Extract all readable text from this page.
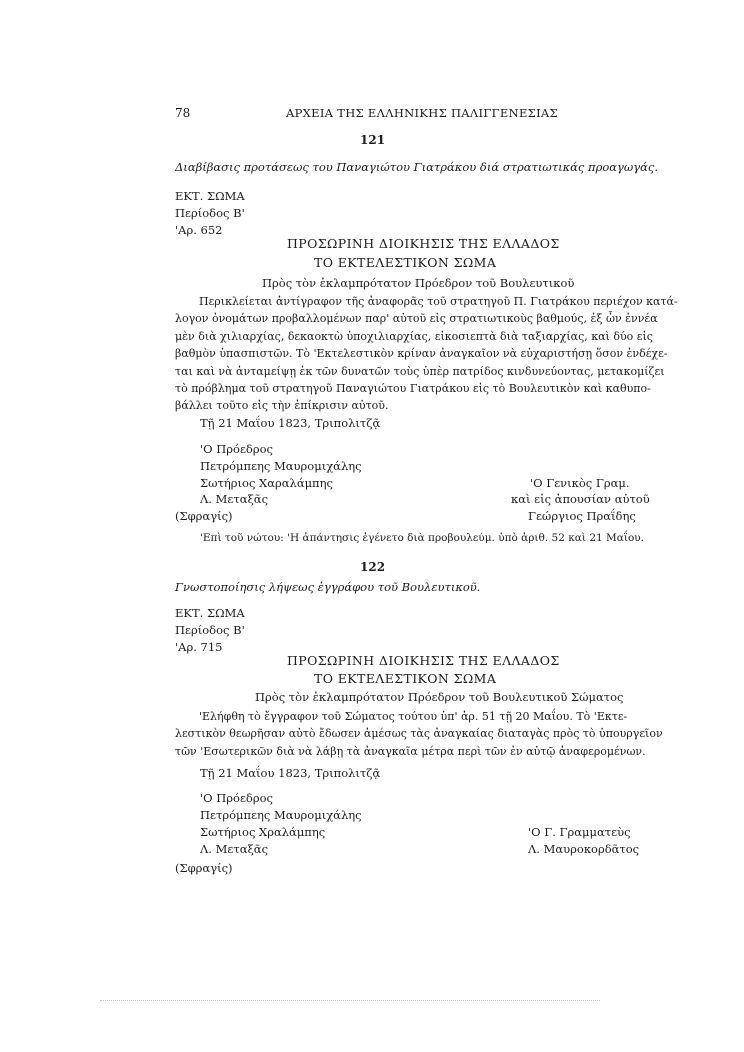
78	ΑΡΧΕΙΑ ΤΗΣ ΕΛΛΗΝΙΚΗΣ ΠΑΛΙΓΓΕΝΕΣΙΑΣ
121
Διαβίβασις προτάσεως του Παναγιώτου Γιατράκου διά στρατιωτικάς προαγωγάς.
ΕΚΤ. ΣΩΜΑ
Περίοδος Β'
'Αρ. 652
ΠΡΟΣΩΡΙΝΗ ΔΙΟΙΚΗΣΙΣ ΤΗΣ ΕΛΛΑΔΟΣ
ΤΟ ΕΚΤΕΛΕΣΤΙΚΟΝ ΣΩΜΑ
Πρὸς τὸν ἐκλαμπρότατον Πρόεδρον τοῦ Βουλευτικοῦ
Περικλείεται ἀντίγραφον τῆς ἀναφορᾶς τοῦ στρατηγοῦ Π. Γιατράκου περιέχον κατά-
λογον ὀνομάτων προβαλλομένων παρ' αὐτοῦ εἰς στρατιωτικοὺς βαθμούς, ἐξ ὧν ἐννέα
μὲν διὰ χιλιαρχίας, δεκαοκτὼ ὑποχιλιαρχίας, εἰκοσιεπτὰ διὰ ταξιαρχίας, καὶ δύο εἰς
βαθμὸν ὑπασπιστῶν. Τὸ 'Εκτελεστικὸν κρίναν ἀναγκαῖον νὰ εὐχαριστήσῃ ὅσον ἐνδέχε-
ται καὶ νὰ ἀνταμείψῃ ἐκ τῶν δυνατῶν τοὺς ὑπὲρ πατρίδος κινδυνεύοντας, μετακομίζει
τὸ πρόβλημα τοῦ στρατηγοῦ Παναγιώτου Γιατράκου εἰς τὸ Βουλευτικὸν καὶ καθυπο-
βάλλει τοῦτο εἰς τὴν ἐπίκρισιν αὐτοῦ.
Τῇ 21 Μαΐου 1823, Τριπολιτζᾷ
'Ο Πρόεδρος
Πετρόμπεης Μαυρομιχάλης
Σωτήριος Χαραλάμπης
Λ. Μεταξᾶς
'Ο Γενικὸς Γραμ.
καὶ εἰς ἀπουσίαν αὐτοῦ
Γεώργιος Πραΐδης
(Σφραγίς)
'Επὶ τοῦ νώτου: 'Η ἀπάντησις ἐγένετο διὰ προβουλεύμ. ὑπὸ ἀριθ. 52 καὶ 21 Μαΐου.
122
Γνωστοποίησις λήψεως ἐγγράφου τοῦ Βουλευτικοῦ.
ΕΚΤ. ΣΩΜΑ
Περίοδος Β'
'Αρ. 715
ΠΡΟΣΩΡΙΝΗ ΔΙΟΙΚΗΣΙΣ ΤΗΣ ΕΛΛΑΔΟΣ
ΤΟ ΕΚΤΕΛΕΣΤΙΚΟΝ ΣΩΜΑ
Πρὸς τὸν ἐκλαμπρότατον Πρόεδρον τοῦ Βουλευτικοῦ Σώματος
'Ελήφθη τὸ ἔγγραφον τοῦ Σώματος τούτου ὑπ' ἀρ. 51 τῇ 20 Μαΐου. Τὸ 'Εκτε-
λεστικὸν θεωρῆσαν αὐτὸ ἔδωσεν ἀμέσως τὰς ἀναγκαίας διαταγὰς πρὸς τὸ ὑπουργεῖον
τῶν 'Εσωτερικῶν διὰ νὰ λάβῃ τὰ ἀναγκαῖα μέτρα περὶ τῶν ἐν αὐτῷ ἀναφερομένων.
Τῇ 21 Μαΐου 1823, Τριπολιτζᾷ
'Ο Πρόεδρος
Πετρόμπεης Μαυρομιχάλης
Σωτήριος Χραλάμπης
Λ. Μεταξᾶς
'Ο Γ. Γραμματεὺς
Λ. Μαυροκορδᾶτος
(Σφραγίς)
